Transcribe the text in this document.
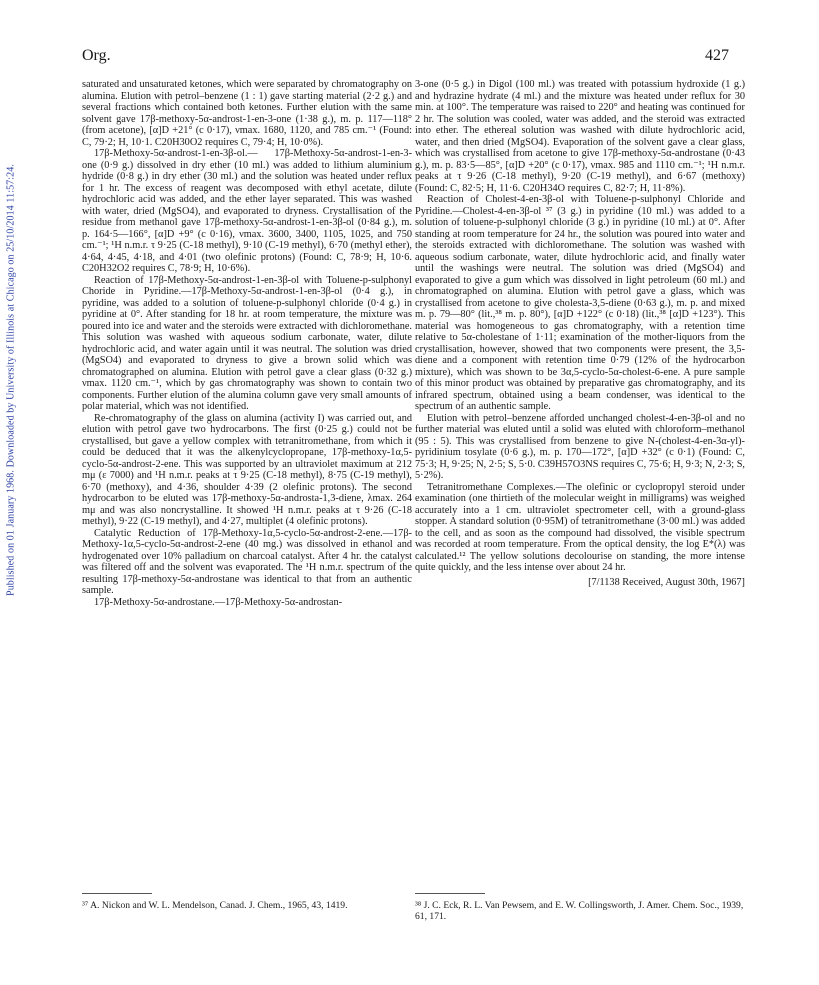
Published on 01 January 1968. Downloaded by University of Illinois at Chicago on 25/10/2014 11:57:24.
Org.	427

saturated and unsaturated ketones, which were separated by chromatography on alumina. Elution with petrol–benzene (1 : 1) gave starting material (2·2 g.) and several fractions which contained both ketones. Further elution with the same solvent gave 17β-methoxy-5α-androst-1-en-3-one (1·38 g.), m. p. 117—118° (from acetone), [α]D +21° (c 0·17), νmax. 1680, 1120, and 785 cm.⁻¹ (Found: C, 79·2; H, 10·1. C20H30O2 requires C, 79·4; H, 10·0%).

17β-Methoxy-5α-androst-1-en-3β-ol.— 17β-Methoxy-5α-androst-1-en-3-one (0·9 g.) dissolved in dry ether (10 ml.) was added to lithium aluminium hydride (0·8 g.) in dry ether (30 ml.) and the solution was heated under reflux for 1 hr. The excess of reagent was decomposed with ethyl acetate, dilute hydrochloric acid was added, and the ether layer separated. This was washed with water, dried (MgSO4), and evaporated to dryness. Crystallisation of the residue from methanol gave 17β-methoxy-5α-androst-1-en-3β-ol (0·84 g.), m. p. 164·5—166°, [α]D +9° (c 0·16), νmax. 3600, 3400, 1105, 1025, and 750 cm.⁻¹; ¹H n.m.r. τ 9·25 (C-18 methyl), 9·10 (C-19 methyl), 6·70 (methyl ether), 4·64, 4·45, 4·18, and 4·01 (two olefinic protons) (Found: C, 78·9; H, 10·6. C20H32O2 requires C, 78·9; H, 10·6%).

Reaction of 17β-Methoxy-5α-androst-1-en-3β-ol with Toluene-p-sulphonyl Choride in Pyridine.—17β-Methoxy-5α-androst-1-en-3β-ol (0·4 g.), in pyridine, was added to a solution of toluene-p-sulphonyl chloride (0·4 g.) in pyridine at 0°. After standing for 18 hr. at room temperature, the mixture was poured into ice and water and the steroids were extracted with dichloromethane. This solution was washed with aqueous sodium carbonate, water, dilute hydrochloric acid, and water again until it was neutral. The solution was dried (MgSO4) and evaporated to dryness to give a brown solid which was chromatographed on alumina. Elution with petrol gave a clear glass (0·32 g.) νmax. 1120 cm.⁻¹, which by gas chromatography was shown to contain two components. Further elution of the alumina column gave very small amounts of polar material, which was not identified.

Re-chromatography of the glass on alumina (activity I) was carried out, and elution with petrol gave two hydrocarbons. The first (0·25 g.) could not be crystallised, but gave a yellow complex with tetranitromethane, from which it could be deduced that it was the alkenylcyclopropane, 17β-methoxy-1α,5-cyclo-5α-androst-2-ene. This was supported by an ultraviolet maximum at 212 mμ (ε 7000) and ¹H n.m.r. peaks at τ 9·25 (C-18 methyl), 8·75 (C-19 methyl), 6·70 (methoxy), and 4·36, shoulder 4·39 (2 olefinic protons). The second hydrocarbon to be eluted was 17β-methoxy-5α-androsta-1,3-diene, λmax. 264 mμ and was also noncrystalline. It showed ¹H n.m.r. peaks at τ 9·26 (C-18 methyl), 9·22 (C-19 methyl), and 4·27, multiplet (4 olefinic protons).

Catalytic Reduction of 17β-Methoxy-1α,5-cyclo-5α-androst-2-ene.—17β-Methoxy-1α,5-cyclo-5α-androst-2-ene (40 mg.) was dissolved in ethanol and hydrogenated over 10% palladium on charcoal catalyst. After 4 hr. the catalyst was filtered off and the solvent was evaporated. The ¹H n.m.r. spectrum of the resulting 17β-methoxy-5α-androstane was identical to that from an authentic sample.

17β-Methoxy-5α-androstane.—17β-Methoxy-5α-androstan-

3-one (0·5 g.) in Digol (100 ml.) was treated with potassium hydroxide (1 g.) and hydrazine hydrate (4 ml.) and the mixture was heated under reflux for 30 min. at 100°. The temperature was raised to 220° and heating was continued for 2 hr. The solution was cooled, water was added, and the steroid was extracted into ether. The ethereal solution was washed with dilute hydrochloric acid, water, and then dried (MgSO4). Evaporation of the solvent gave a clear glass, which was crystallised from acetone to give 17β-methoxy-5α-androstane (0·43 g.), m. p. 83·5—85°, [α]D +20° (c 0·17), νmax. 985 and 1110 cm.⁻¹; ¹H n.m.r. peaks at τ 9·26 (C-18 methyl), 9·20 (C-19 methyl), and 6·67 (methoxy) (Found: C, 82·5; H, 11·6. C20H34O requires C, 82·7; H, 11·8%).

Reaction of Cholest-4-en-3β-ol with Toluene-p-sulphonyl Chloride and Pyridine.—Cholest-4-en-3β-ol ³⁷ (3 g.) in pyridine (10 ml.) was added to a solution of toluene-p-sulphonyl chloride (3 g.) in pyridine (10 ml.) at 0°. After standing at room temperature for 24 hr., the solution was poured into water and the steroids extracted with dichloromethane. The solution was washed with aqueous sodium carbonate, water, dilute hydrochloric acid, and finally water until the washings were neutral. The solution was dried (MgSO4) and evaporated to give a gum which was dissolved in light petroleum (60 ml.) and chromatographed on alumina. Elution with petrol gave a glass, which was crystallised from acetone to give cholesta-3,5-diene (0·63 g.), m. p. and mixed m. p. 79—80° (lit.,³⁸ m. p. 80°), [α]D +122° (c 0·18) (lit.,³⁸ [α]D +123°). This material was homogeneous to gas chromatography, with a retention time relative to 5α-cholestane of 1·11; examination of the mother-liquors from the crystallisation, however, showed that two components were present, the 3,5-diene and a component with retention time 0·79 (12% of the hydrocarbon mixture), which was shown to be 3α,5-cyclo-5α-cholest-6-ene. A pure sample of this minor product was obtained by preparative gas chromatography, and its infrared spectrum, obtained using a beam condenser, was identical to the spectrum of an authentic sample.

Elution with petrol–benzene afforded unchanged cholest-4-en-3β-ol and no further material was eluted until a solid was eluted with chloroform–methanol (95 : 5). This was crystallised from benzene to give N-(cholest-4-en-3α-yl)-pyridinium tosylate (0·6 g.), m. p. 170—172°, [α]D +32° (c 0·1) (Found: C, 75·3; H, 9·25; N, 2·5; S, 5·0. C39H57O3NS requires C, 75·6; H, 9·3; N, 2·3; S, 5·2%).

Tetranitromethane Complexes.—The olefinic or cyclopropyl steroid under examination (one thirtieth of the molecular weight in milligrams) was weighed accurately into a 1 cm. ultraviolet spectrometer cell, with a ground-glass stopper. A standard solution (0·95M) of tetranitromethane (3·00 ml.) was added to the cell, and as soon as the compound had dissolved, the visible spectrum was recorded at room temperature. From the optical density, the log E*(λ) was calculated.¹² The yellow solutions decolourise on standing, the more intense quite quickly, and the less intense over about 24 hr.

[7/1138 Received, August 30th, 1967]

³⁷ A. Nickon and W. L. Mendelson, Canad. J. Chem., 1965, 43, 1419.	³⁸ J. C. Eck, R. L. Van Pewsem, and E. W. Collingsworth, J. Amer. Chem. Soc., 1939, 61, 171.
